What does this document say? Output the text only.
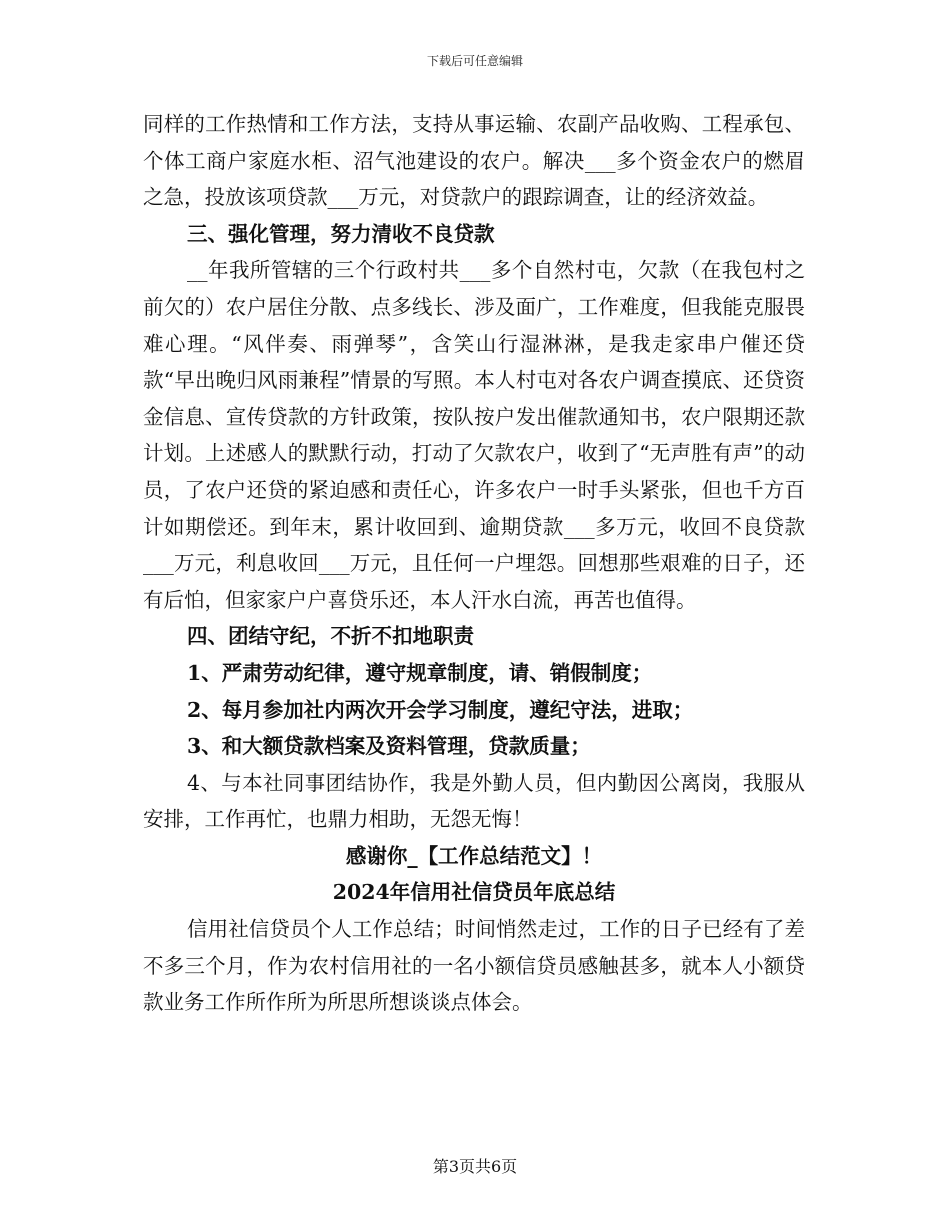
下载后可任意编辑

同样的工作热情和工作方法，支持从事运输、农副产品收购、工程承包、个体工商户家庭水柜、沼气池建设的农户。解决___多个资金农户的燃眉之急，投放该项贷款___万元，对贷款户的跟踪调查，让的经济效益。

三、强化管理，努力清收不良贷款

__年我所管辖的三个行政村共___多个自然村屯，欠款（在我包村之前欠的）农户居住分散、点多线长、涉及面广，工作难度，但我能克服畏难心理。“风伴奏、雨弹琴”，含笑山行湿淋淋，是我走家串户催还贷款“早出晚归风雨兼程”情景的写照。本人村屯对各农户调查摸底、还贷资金信息、宣传贷款的方针政策，按队按户发出催款通知书，农户限期还款计划。上述感人的默默行动，打动了欠款农户，收到了“无声胜有声”的动员，了农户还贷的紧迫感和责任心，许多农户一时手头紧张，但也千方百计如期偿还。到年末，累计收回到、逾期贷款___多万元，收回不良贷款___万元，利息收回___万元，且任何一户埋怨。回想那些艰难的日子，还有后怕，但家家户户喜贷乐还，本人汗水白流，再苦也值得。

四、团结守纪，不折不扣地职责

1、严肃劳动纪律，遵守规章制度，请、销假制度；

2、每月参加社内两次开会学习制度，遵纪守法，进取；

3、和大额贷款档案及资料管理，贷款质量；

4、与本社同事团结协作，我是外勤人员，但内勤因公离岗，我服从安排，工作再忙，也鼎力相助，无怨无悔！

感谢你_【工作总结范文】！

2024年信用社信贷员年底总结

信用社信贷员个人工作总结；时间悄然走过，工作的日子已经有了差不多三个月，作为农村信用社的一名小额信贷员感触甚多，就本人小额贷款业务工作所作所为所思所想谈谈点体会。

第3页共6页
